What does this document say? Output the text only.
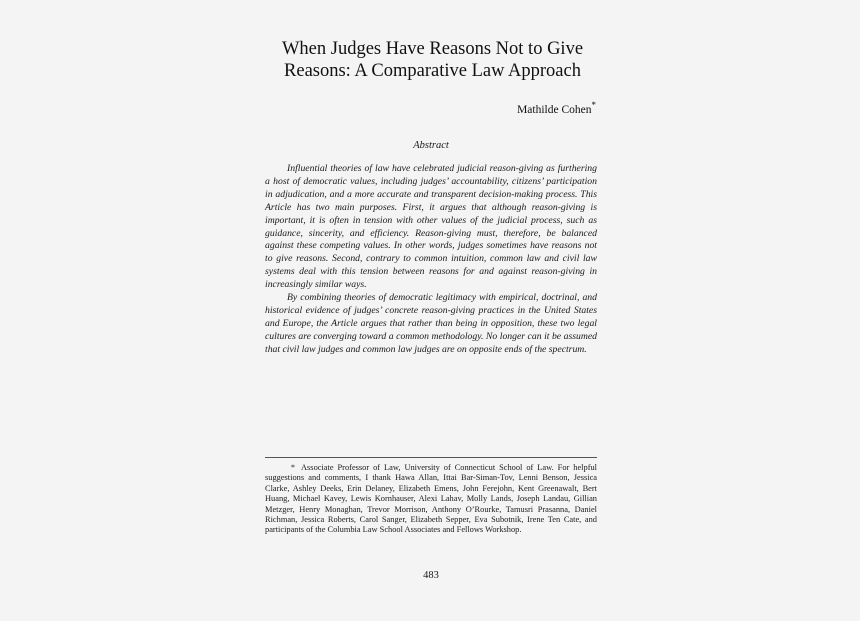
When Judges Have Reasons Not to Give
Reasons: A Comparative Law Approach
Mathilde Cohen*
Abstract

Influential theories of law have celebrated judicial reason-giving as furthering a host of democratic values, including judges’ accountability, citizens’ participation in adjudication, and a more accurate and transparent decision-making process. This Article has two main purposes. First, it argues that although reason-giving is important, it is often in tension with other values of the judicial process, such as guidance, sincerity, and efficiency. Reason-giving must, therefore, be balanced against these competing values. In other words, judges sometimes have reasons not to give reasons. Second, contrary to common intuition, common law and civil law systems deal with this tension between reasons for and against reason-giving in increasingly similar ways.

By combining theories of democratic legitimacy with empirical, doctrinal, and historical evidence of judges’ concrete reason-giving practices in the United States and Europe, the Article argues that rather than being in opposition, these two legal cultures are converging toward a common methodology. No longer can it be assumed that civil law judges and common law judges are on opposite ends of the spectrum.

* Associate Professor of Law, University of Connecticut School of Law. For helpful suggestions and comments, I thank Hawa Allan, Ittai Bar-Siman-Tov, Lenni Benson, Jessica Clarke, Ashley Deeks, Erin Delaney, Elizabeth Emens, John Ferejohn, Kent Greenawalt, Bert Huang, Michael Kavey, Lewis Kornhauser, Alexi Lahav, Molly Lands, Joseph Landau, Gillian Metzger, Henry Monaghan, Trevor Morrison, Anthony O’Rourke, Tamusri Prasanna, Daniel Richman, Jessica Roberts, Carol Sanger, Elizabeth Sepper, Eva Subotnik, Irene Ten Cate, and participants of the Columbia Law School Associates and Fellows Workshop.
483
